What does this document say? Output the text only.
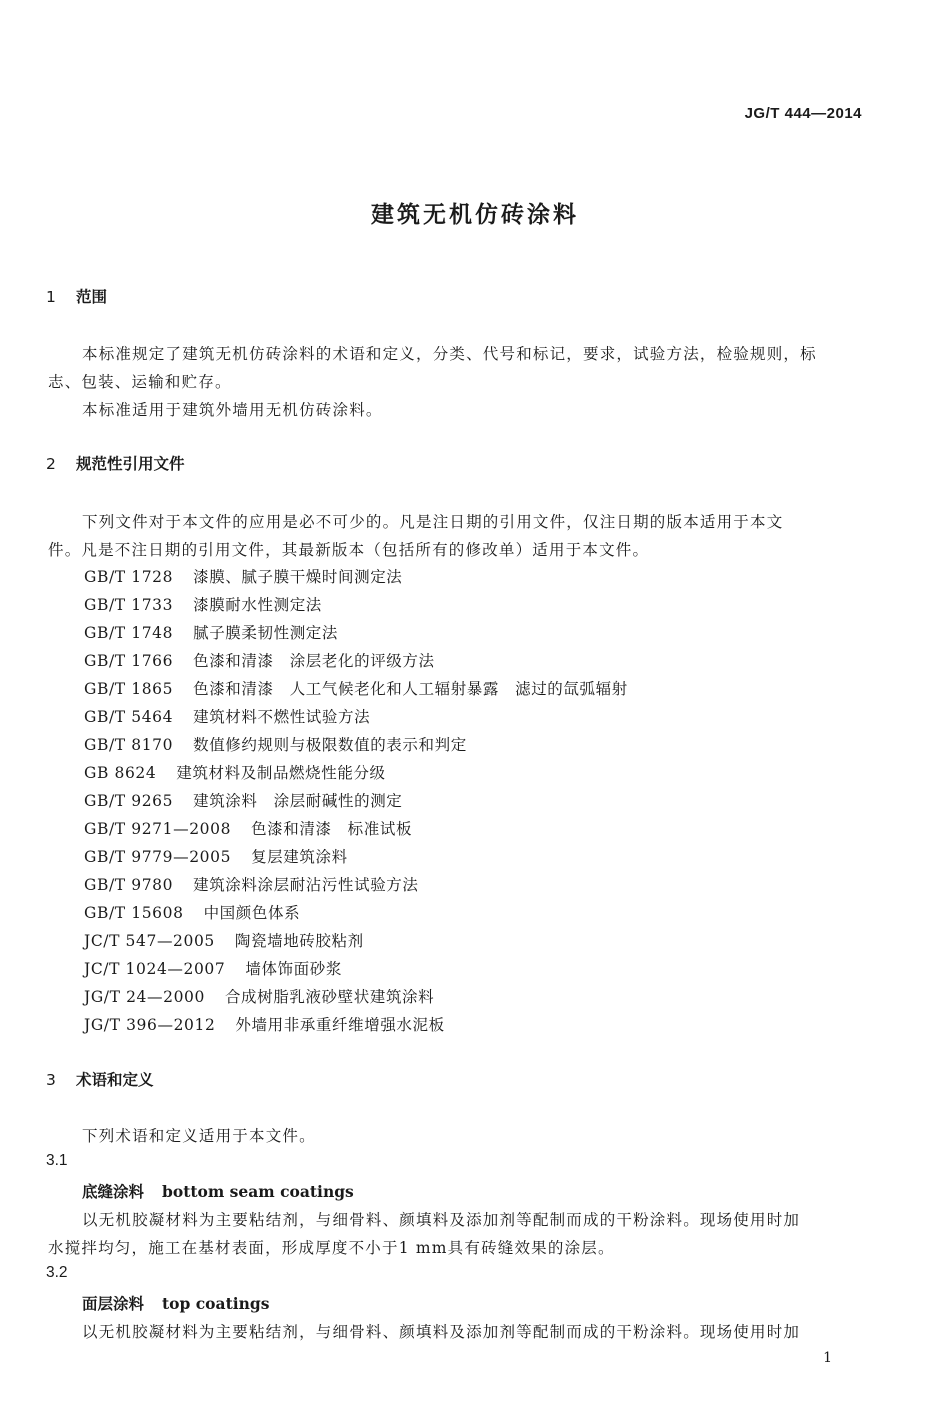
JG/T 444—2014
建筑无机仿砖涂料
1 范围
本标准规定了建筑无机仿砖涂料的术语和定义，分类、代号和标记，要求，试验方法，检验规则，标
志、包装、运输和贮存。
本标准适用于建筑外墙用无机仿砖涂料。
2 规范性引用文件
下列文件对于本文件的应用是必不可少的。凡是注日期的引用文件，仅注日期的版本适用于本文
件。凡是不注日期的引用文件，其最新版本（包括所有的修改单）适用于本文件。
GB/T 1728 漆膜、腻子膜干燥时间测定法
GB/T 1733 漆膜耐水性测定法
GB/T 1748 腻子膜柔韧性测定法
GB/T 1766 色漆和清漆　涂层老化的评级方法
GB/T 1865 色漆和清漆　人工气候老化和人工辐射暴露　滤过的氙弧辐射
GB/T 5464 建筑材料不燃性试验方法
GB/T 8170 数值修约规则与极限数值的表示和判定
GB 8624 建筑材料及制品燃烧性能分级
GB/T 9265 建筑涂料　涂层耐碱性的测定
GB/T 9271—2008 色漆和清漆　标准试板
GB/T 9779—2005 复层建筑涂料
GB/T 9780 建筑涂料涂层耐沾污性试验方法
GB/T 15608 中国颜色体系
JC/T 547—2005 陶瓷墙地砖胶粘剂
JC/T 1024—2007 墙体饰面砂浆
JG/T 24—2000 合成树脂乳液砂壁状建筑涂料
JG/T 396—2012 外墙用非承重纤维增强水泥板
3 术语和定义
下列术语和定义适用于本文件。
3.1
底缝涂料 bottom seam coatings
以无机胶凝材料为主要粘结剂，与细骨料、颜填料及添加剂等配制而成的干粉涂料。现场使用时加
水搅拌均匀，施工在基材表面，形成厚度不小于1 mm具有砖缝效果的涂层。
3.2
面层涂料 top coatings
以无机胶凝材料为主要粘结剂，与细骨料、颜填料及添加剂等配制而成的干粉涂料。现场使用时加
1
